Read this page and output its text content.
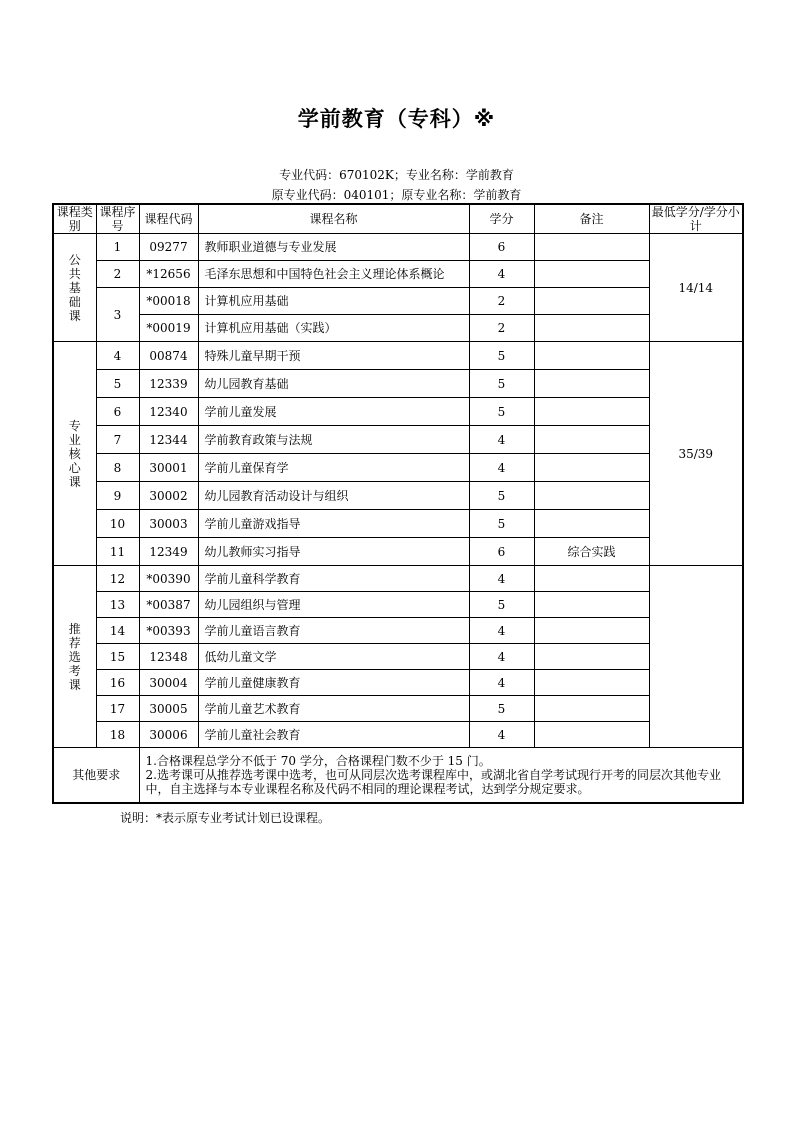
学前教育（专科）※
专业代码：670102K；专业名称：学前教育
原专业代码：040101；原专业名称：学前教育
课程类别	课程序号	课程代码	课程名称	学分	备注	最低学分/学分小计

公
共
基
础
课	1	09277	教师职业道德与专业发展	6		14/14
	2	*12656	毛泽东思想和中国特色社会主义理论体系概论	4		
	3	*00018	计算机应用基础	2		
		*00019	计算机应用基础（实践）	2		

专
业
核
心
课	4	00874	特殊儿童早期干预	5		35/39
	5	12339	幼儿园教育基础	5		
	6	12340	学前儿童发展	5		
	7	12344	学前教育政策与法规	4		
	8	30001	学前儿童保育学	4		
	9	30002	幼儿园教育活动设计与组织	5		
	10	30003	学前儿童游戏指导	5		
	11	12349	幼儿教师实习指导	6	综合实践	

推
荐
选
考
课	12	*00390	学前儿童科学教育	4		
	13	*00387	幼儿园组织与管理	5		
	14	*00393	学前儿童语言教育	4		
	15	12348	低幼儿童文学	4		
	16	30004	学前儿童健康教育	4		
	17	30005	学前儿童艺术教育	5		
	18	30006	学前儿童社会教育	4		
其他要求		1.合格课程总学分不低于 70 学分，合格课程门数不少于 15 门。
2.选考课可从推荐选考课中选考，也可从同层次选考课程库中，或湖北省自学考试现行开考的同层次其他专业中，自主选择与本专业课程名称及代码不相同的理论课程考试，达到学分规定要求。				
说明：*表示原专业考试计划已设课程。
